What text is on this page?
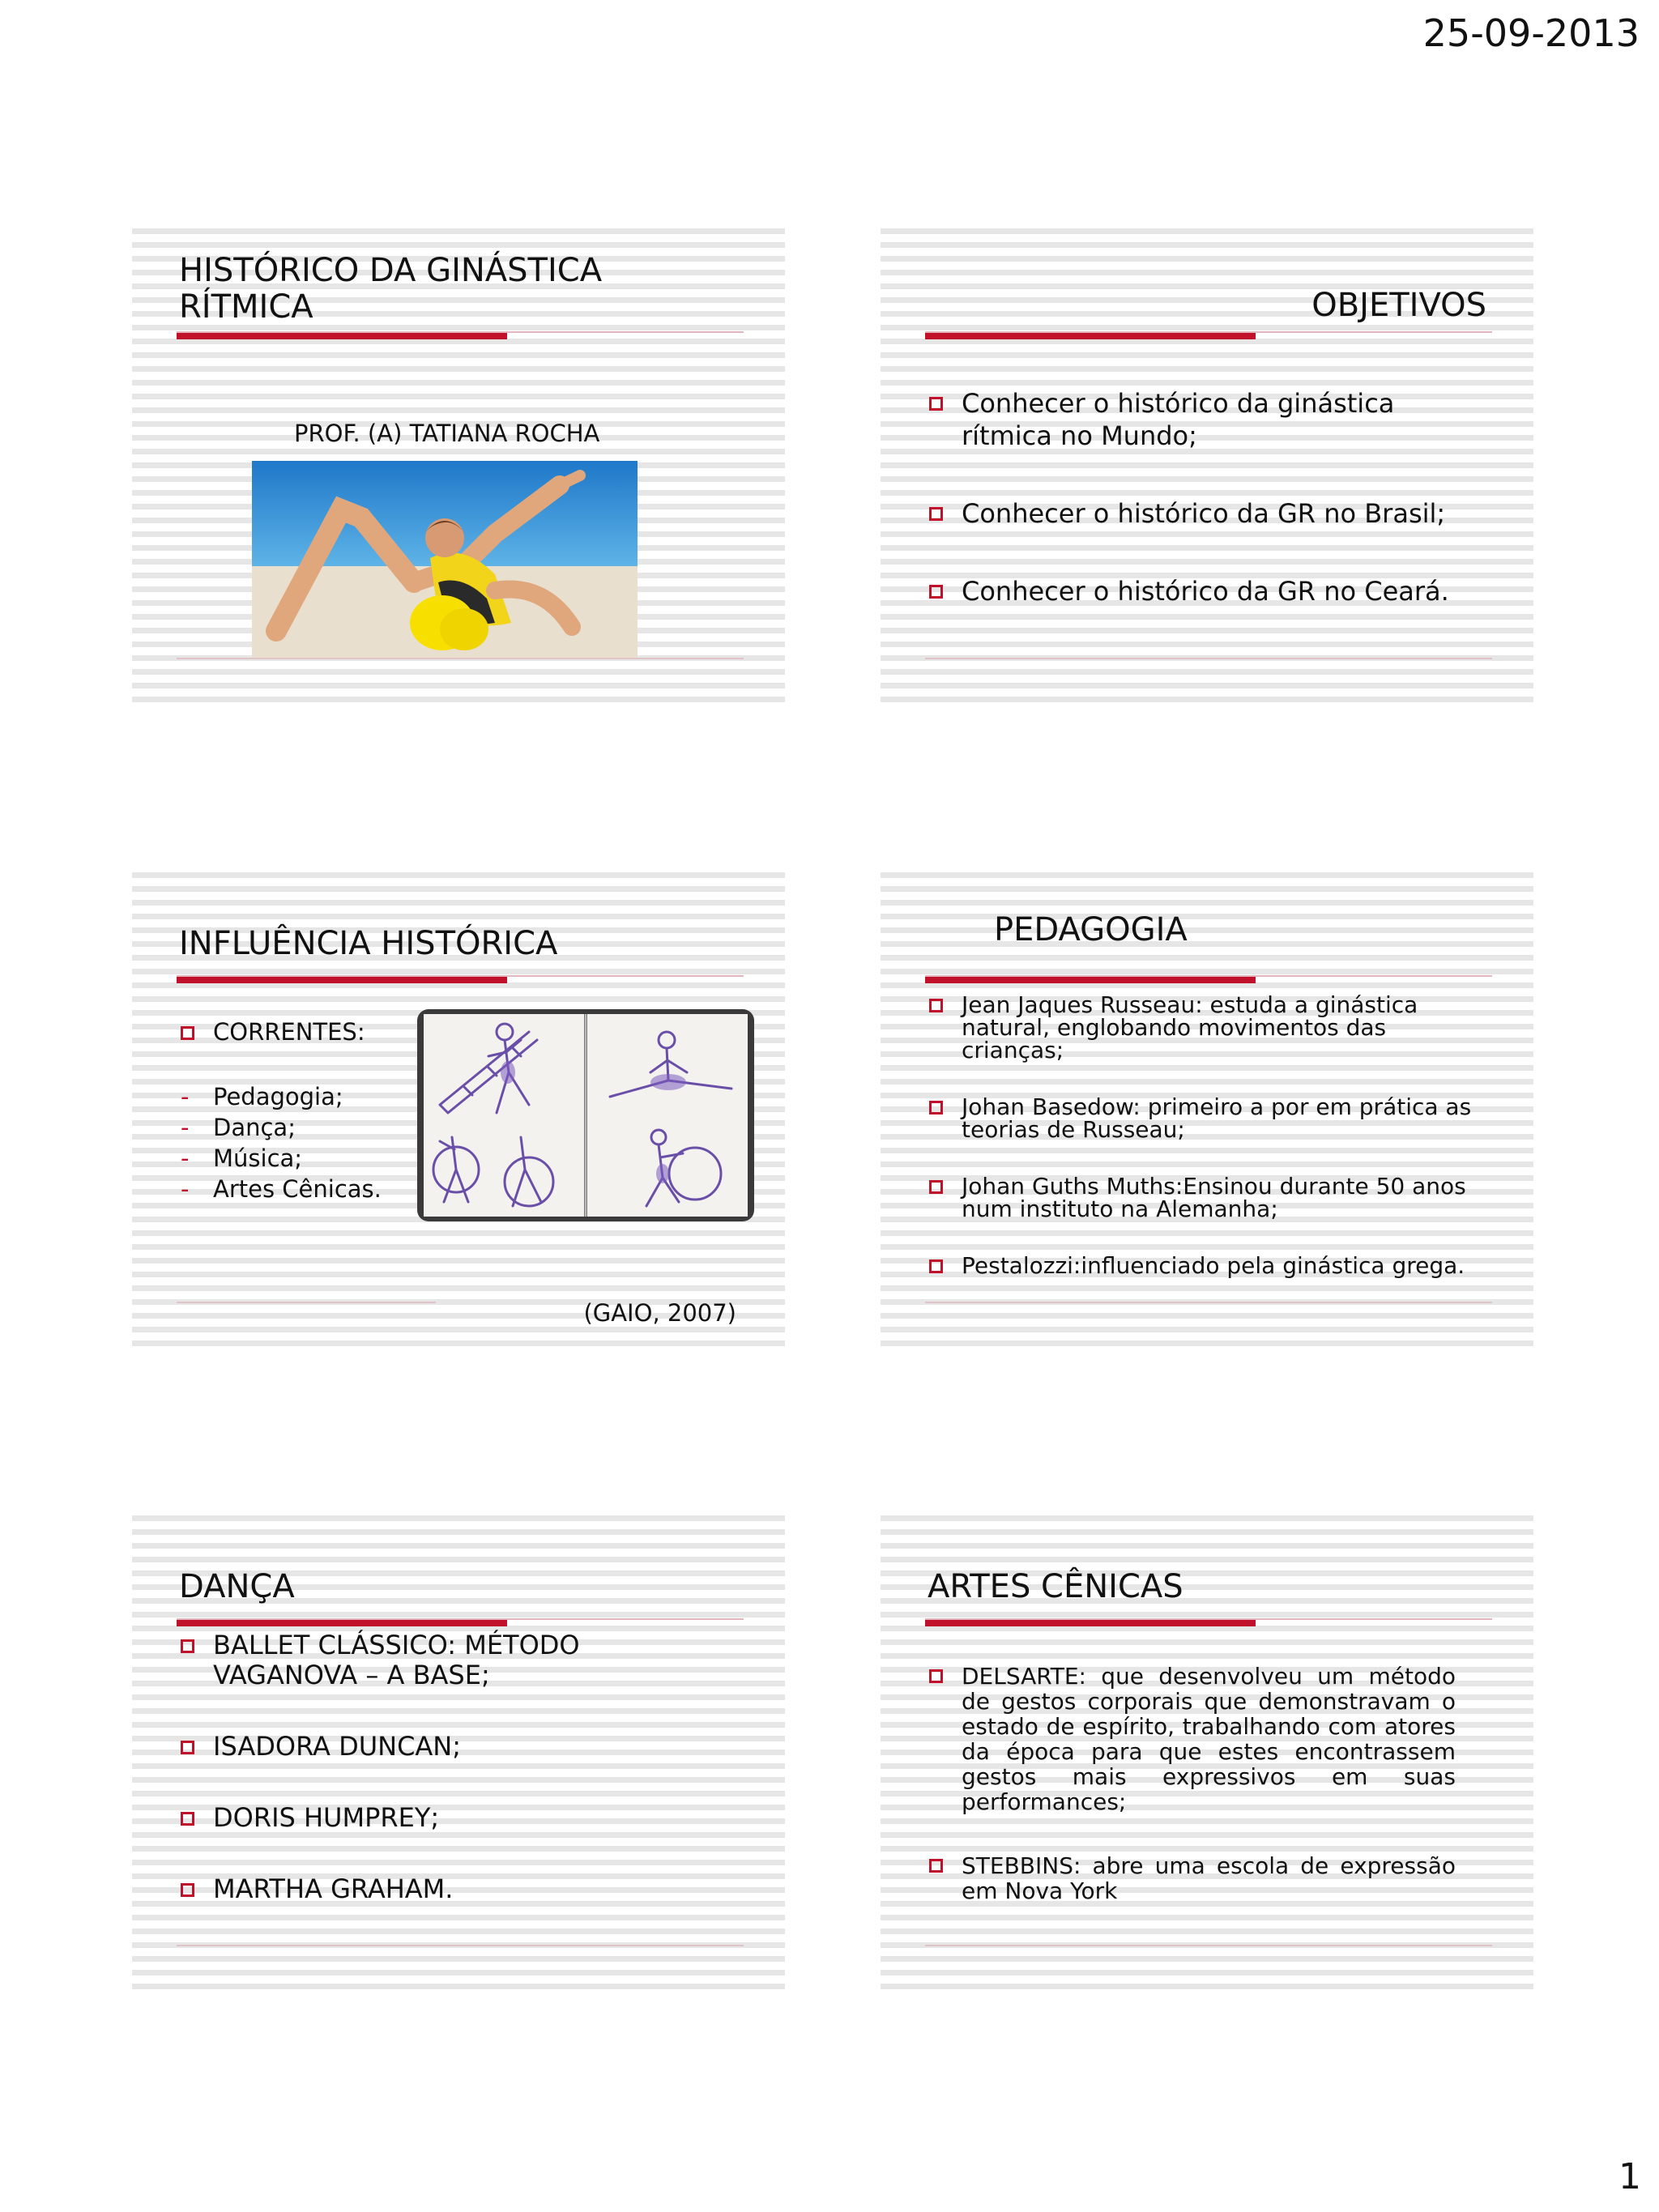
25-09-2013
HISTÓRICO DA GINÁSTICA
RÍTMICA
PROF. (A) TATIANA ROCHA
OBJETIVOS
Conhecer o histórico da ginástica rítmica no Mundo;
Conhecer o histórico da GR no Brasil;
Conhecer o histórico da GR no Ceará.
INFLUÊNCIA HISTÓRICA
CORRENTES:
- Pedagogia;
- Dança;
- Música;
- Artes Cênicas.
(GAIO, 2007)
PEDAGOGIA
Jean Jaques Russeau: estuda a ginástica natural, englobando movimentos das crianças;
Johan Basedow: primeiro a por em prática as teorias de Russeau;
Johan Guths Muths:Ensinou durante 50 anos num instituto na Alemanha;
Pestalozzi:influenciado pela ginástica grega.
DANÇA
BALLET CLÁSSICO: MÉTODO VAGANOVA – A BASE;
ISADORA DUNCAN;
DORIS HUMPREY;
MARTHA GRAHAM.
ARTES CÊNICAS
DELSARTE: que desenvolveu um método de gestos corporais que demonstravam o estado de espírito, trabalhando com atores da época para que estes encontrassem gestos mais expressivos em suas performances;
STEBBINS: abre uma escola de expressão em Nova York
1
